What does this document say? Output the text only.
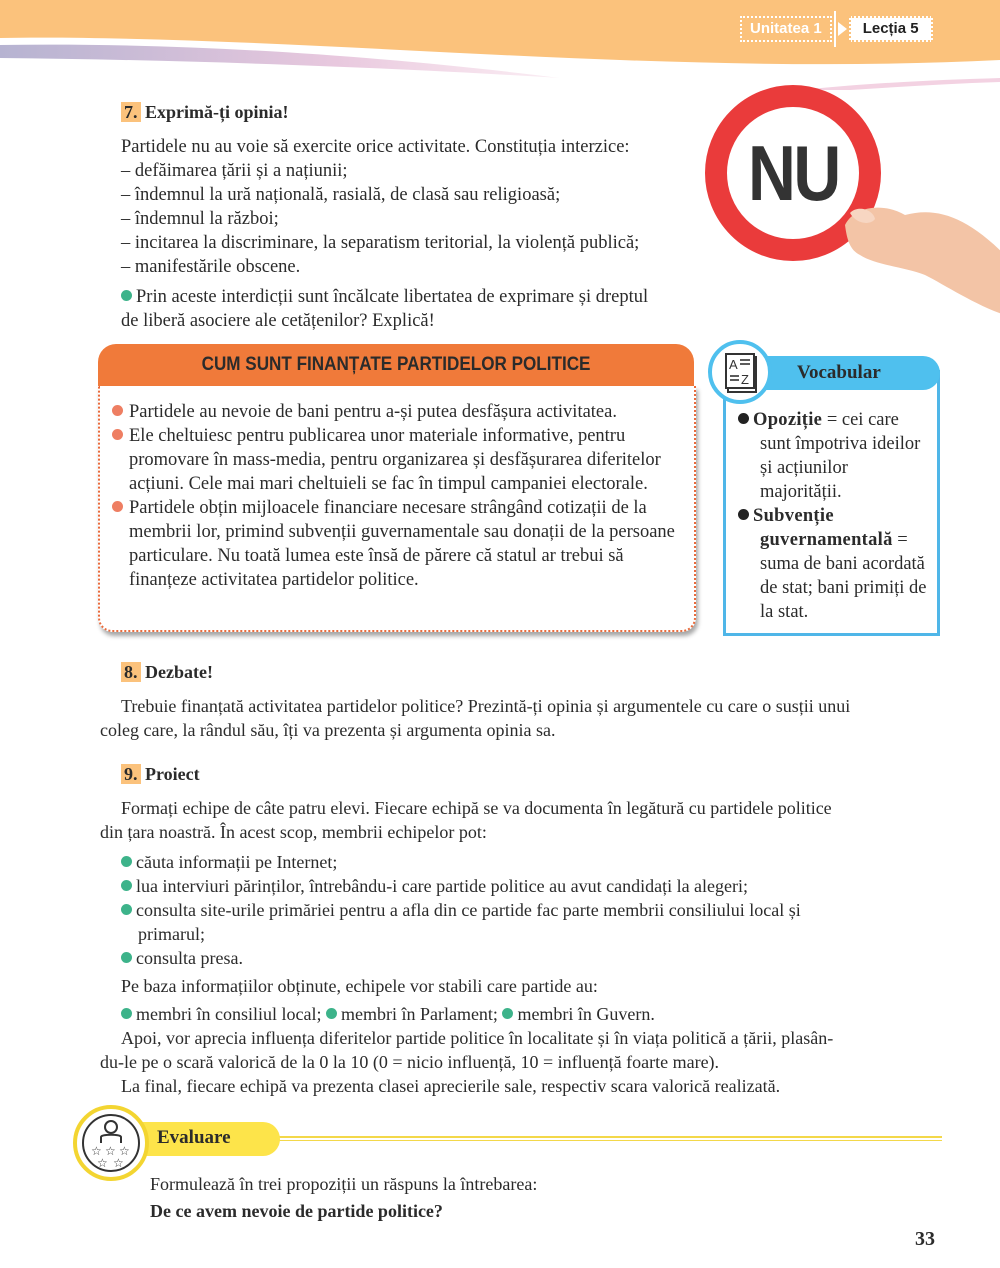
Unitatea 1	Lecția 5
7. Exprimă-ți opinia!
Partidele nu au voie să exercite orice activitate. Constituția interzice:
– defăimarea țării și a națiunii;
– îndemnul la ură națională, rasială, de clasă sau religioasă;
– îndemnul la război;
– incitarea la discriminare, la separatism teritorial, la violență publică;
– manifestările obscene.
Prin aceste interdicții sunt încălcate libertatea de exprimare și dreptul
de liberă asociere ale cetățenilor? Explică!
NU
CUM SUNT FINANȚATE PARTIDELOR POLITICE
Partidele au nevoie de bani pentru a-și putea desfășura activitatea.
Ele cheltuiesc pentru publicarea unor materiale informative, pentru promovare în mass-media, pentru organizarea și desfășurarea diferitelor acțiuni. Cele mai mari cheltuieli se fac în timpul campaniei electorale.
Partidele obțin mijloacele financiare necesare strângând cotizații de la membrii lor, primind subvenții guvernamentale sau donații de la persoane particulare. Nu toată lumea este însă de părere că statul ar trebui să finanțeze activitatea partidelor politice.
Vocabular
A
Z
Opoziție = cei care sunt împotriva ideilor și acțiunilor majorității.
Subvenție guvernamentală = suma de bani acordată de stat; bani primiți de la stat.
8. Dezbate!
Trebuie finanțată activitatea partidelor politice? Prezintă-ți opinia și argumentele cu care o susții unui
coleg care, la rândul său, îți va prezenta și argumenta opinia sa.
9. Proiect
Formați echipe de câte patru elevi. Fiecare echipă se va documenta în legătură cu partidele politice
din țara noastră. În acest scop, membrii echipelor pot:
căuta informații pe Internet;
lua interviuri părinților, întrebându-i care partide politice au avut candidați la alegeri;
consulta site-urile primăriei pentru a afla din ce partide fac parte membrii consiliului local și
primarul;
consulta presa.
Pe baza informațiilor obținute, echipele vor stabili care partide au:
membri în consiliul local; membri în Parlament; membri în Guvern.
Apoi, vor aprecia influența diferitelor partide politice în localitate și în viața politică a țării, plasân-
du-le pe o scară valorică de la 0 la 10 (0 = nicio influență, 10 = influență foarte mare).
La final, fiecare echipă va prezenta clasei aprecierile sale, respectiv scara valorică realizată.
☆ ☆ ☆
☆ ☆
Evaluare
Formulează în trei propoziții un răspuns la întrebarea:
De ce avem nevoie de partide politice?
33
